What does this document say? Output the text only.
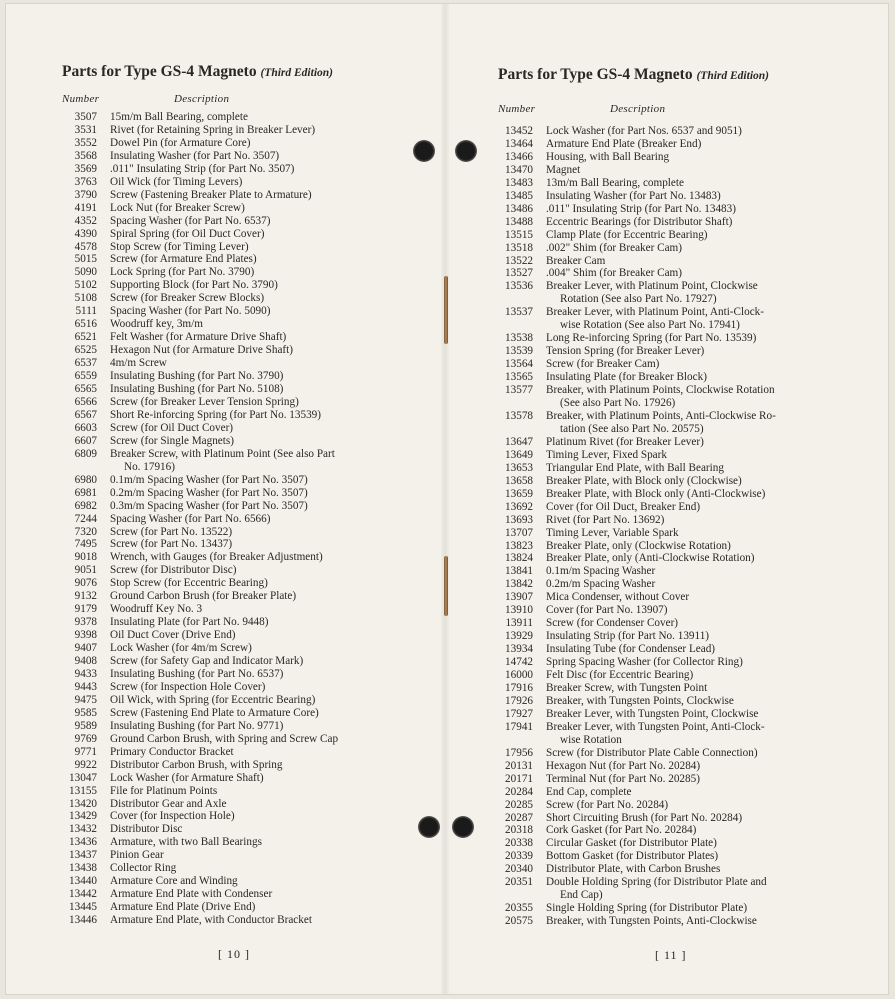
Parts for Type GS-4 Magneto (Third Edition)
Number	Description
3507	15m/m Ball Bearing, complete
3531	Rivet (for Retaining Spring in Breaker Lever)
3552	Dowel Pin (for Armature Core)
3568	Insulating Washer (for Part No. 3507)
3569	.011" Insulating Strip (for Part No. 3507)
3763	Oil Wick (for Timing Levers)
3790	Screw (Fastening Breaker Plate to Armature)
4191	Lock Nut (for Breaker Screw)
4352	Spacing Washer (for Part No. 6537)
4390	Spiral Spring (for Oil Duct Cover)
4578	Stop Screw (for Timing Lever)
5015	Screw (for Armature End Plates)
5090	Lock Spring (for Part No. 3790)
5102	Supporting Block (for Part No. 3790)
5108	Screw (for Breaker Screw Blocks)
5111	Spacing Washer (for Part No. 5090)
6516	Woodruff key, 3m/m
6521	Felt Washer (for Armature Drive Shaft)
6525	Hexagon Nut (for Armature Drive Shaft)
6537	4m/m Screw
6559	Insulating Bushing (for Part No. 3790)
6565	Insulating Bushing (for Part No. 5108)
6566	Screw (for Breaker Lever Tension Spring)
6567	Short Re-inforcing Spring (for Part No. 13539)
6603	Screw (for Oil Duct Cover)
6607	Screw (for Single Magnets)
6809	Breaker Screw, with Platinum Point (See also Part
No. 17916)
6980	0.1m/m Spacing Washer (for Part No. 3507)
6981	0.2m/m Spacing Washer (for Part No. 3507)
6982	0.3m/m Spacing Washer (for Part No. 3507)
7244	Spacing Washer (for Part No. 6566)
7320	Screw (for Part No. 13522)
7495	Screw (for Part No. 13437)
9018	Wrench, with Gauges (for Breaker Adjustment)
9051	Screw (for Distributor Disc)
9076	Stop Screw (for Eccentric Bearing)
9132	Ground Carbon Brush (for Breaker Plate)
9179	Woodruff Key No. 3
9378	Insulating Plate (for Part No. 9448)
9398	Oil Duct Cover (Drive End)
9407	Lock Washer (for 4m/m Screw)
9408	Screw (for Safety Gap and Indicator Mark)
9433	Insulating Bushing (for Part No. 6537)
9443	Screw (for Inspection Hole Cover)
9475	Oil Wick, with Spring (for Eccentric Bearing)
9585	Screw (Fastening End Plate to Armature Core)
9589	Insulating Bushing (for Part No. 9771)
9769	Ground Carbon Brush, with Spring and Screw Cap
9771	Primary Conductor Bracket
9922	Distributor Carbon Brush, with Spring
13047	Lock Washer (for Armature Shaft)
13155	File for Platinum Points
13420	Distributor Gear and Axle
13429	Cover (for Inspection Hole)
13432	Distributor Disc
13436	Armature, with two Ball Bearings
13437	Pinion Gear
13438	Collector Ring
13440	Armature Core and Winding
13442	Armature End Plate with Condenser
13445	Armature End Plate (Drive End)
13446	Armature End Plate, with Conductor Bracket
Parts for Type GS-4 Magneto (Third Edition)
Number	Description
13452	Lock Washer (for Part Nos. 6537 and 9051)
13464	Armature End Plate (Breaker End)
13466	Housing, with Ball Bearing
13470	Magnet
13483	13m/m Ball Bearing, complete
13485	Insulating Washer (for Part No. 13483)
13486	.011" Insulating Strip (for Part No. 13483)
13488	Eccentric Bearings (for Distributor Shaft)
13515	Clamp Plate (for Eccentric Bearing)
13518	.002" Shim (for Breaker Cam)
13522	Breaker Cam
13527	.004" Shim (for Breaker Cam)
13536	Breaker Lever, with Platinum Point, Clockwise
Rotation (See also Part No. 17927)
13537	Breaker Lever, with Platinum Point, Anti-Clock-
wise Rotation (See also Part No. 17941)
13538	Long Re-inforcing Spring (for Part No. 13539)
13539	Tension Spring (for Breaker Lever)
13564	Screw (for Breaker Cam)
13565	Insulating Plate (for Breaker Block)
13577	Breaker, with Platinum Points, Clockwise Rotation
(See also Part No. 17926)
13578	Breaker, with Platinum Points, Anti-Clockwise Ro-
tation (See also Part No. 20575)
13647	Platinum Rivet (for Breaker Lever)
13649	Timing Lever, Fixed Spark
13653	Triangular End Plate, with Ball Bearing
13658	Breaker Plate, with Block only (Clockwise)
13659	Breaker Plate, with Block only (Anti-Clockwise)
13692	Cover (for Oil Duct, Breaker End)
13693	Rivet (for Part No. 13692)
13707	Timing Lever, Variable Spark
13823	Breaker Plate, only (Clockwise Rotation)
13824	Breaker Plate, only (Anti-Clockwise Rotation)
13841	0.1m/m Spacing Washer
13842	0.2m/m Spacing Washer
13907	Mica Condenser, without Cover
13910	Cover (for Part No. 13907)
13911	Screw (for Condenser Cover)
13929	Insulating Strip (for Part No. 13911)
13934	Insulating Tube (for Condenser Lead)
14742	Spring Spacing Washer (for Collector Ring)
16000	Felt Disc (for Eccentric Bearing)
17916	Breaker Screw, with Tungsten Point
17926	Breaker, with Tungsten Points, Clockwise
17927	Breaker Lever, with Tungsten Point, Clockwise
17941	Breaker Lever, with Tungsten Point, Anti-Clock-
wise Rotation
17956	Screw (for Distributor Plate Cable Connection)
20131	Hexagon Nut (for Part No. 20284)
20171	Terminal Nut (for Part No. 20285)
20284	End Cap, complete
20285	Screw (for Part No. 20284)
20287	Short Circuiting Brush (for Part No. 20284)
20318	Cork Gasket (for Part No. 20284)
20338	Circular Gasket (for Distributor Plate)
20339	Bottom Gasket (for Distributor Plates)
20340	Distributor Plate, with Carbon Brushes
20351	Double Holding Spring (for Distributor Plate and
End Cap)
20355	Single Holding Spring (for Distributor Plate)
20575	Breaker, with Tungsten Points, Anti-Clockwise
[ 10 ]	[ 11 ]
